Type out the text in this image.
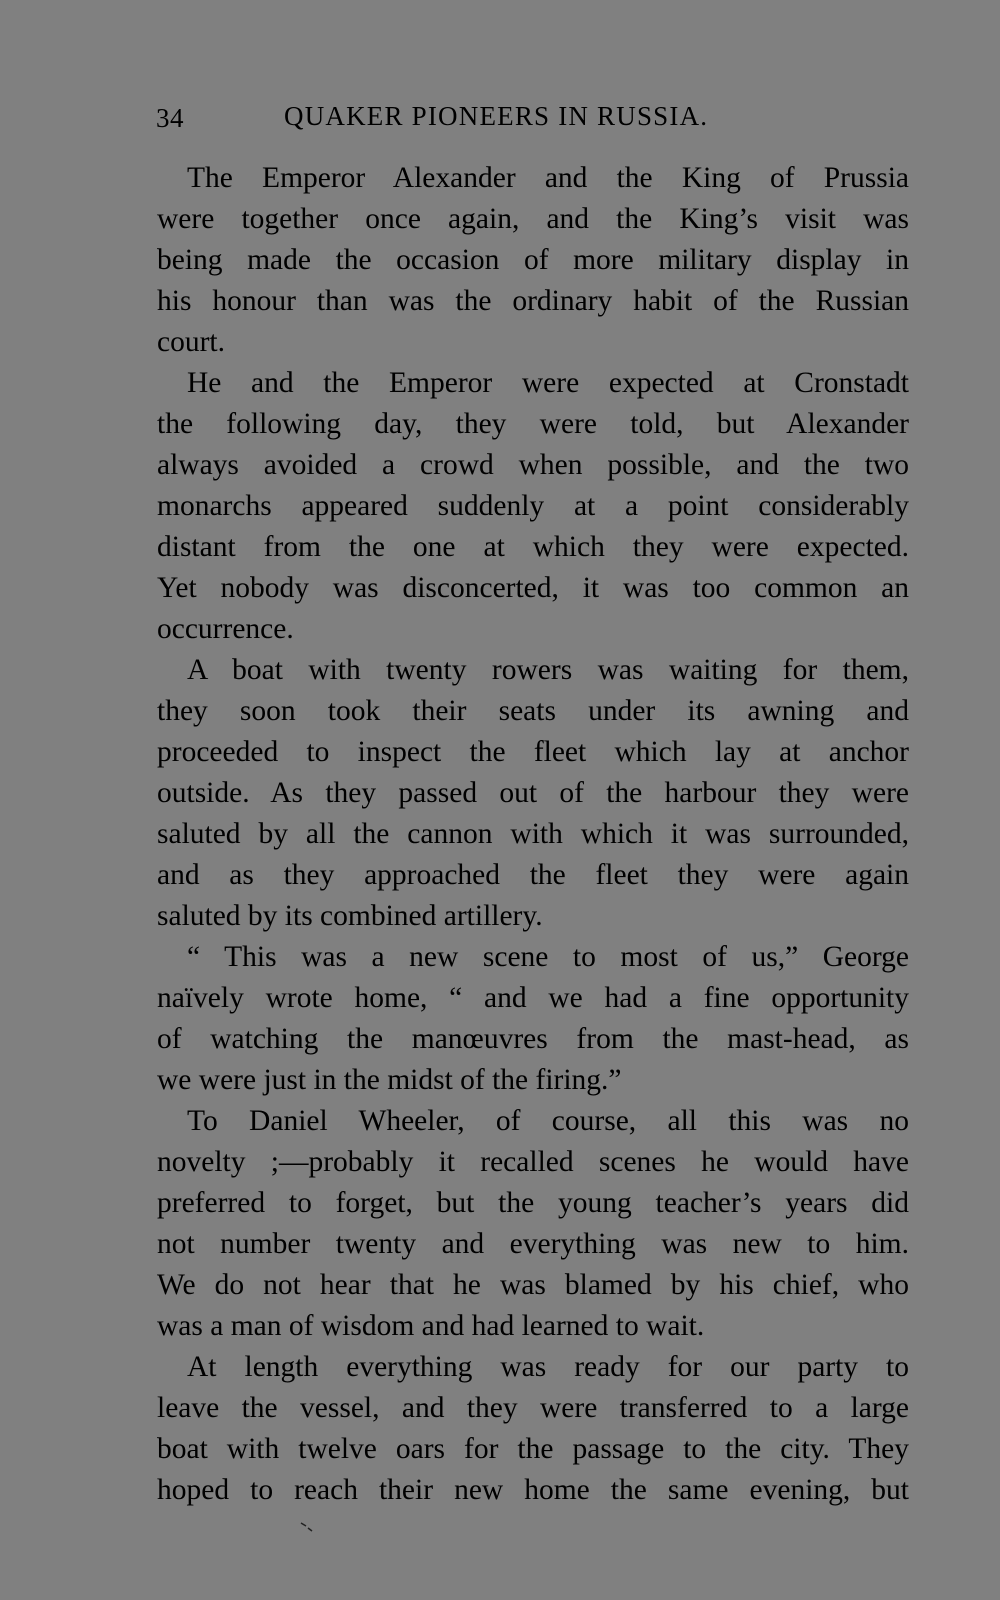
34	QUAKER PIONEERS IN RUSSIA.
The Emperor Alexander and the King of Prussia
were together once again, and the King’s visit was
being made the occasion of more military display in
his honour than was the ordinary habit of the Russian
court.
He and the Emperor were expected at Cronstadt
the following day, they were told, but Alexander
always avoided a crowd when possible, and the two
monarchs appeared suddenly at a point considerably
distant from the one at which they were expected.
Yet nobody was disconcerted, it was too common an
occurrence.
A boat with twenty rowers was waiting for them,
they soon took their seats under its awning and
proceeded to inspect the fleet which lay at anchor
outside. As they passed out of the harbour they were
saluted by all the cannon with which it was surrounded,
and as they approached the fleet they were again
saluted by its combined artillery.
“ This was a new scene to most of us,” George
naïvely wrote home, “ and we had a fine opportunity
of watching the manœuvres from the mast-head, as
we were just in the midst of the firing.”
To Daniel Wheeler, of course, all this was no
novelty ;—probably it recalled scenes he would have
preferred to forget, but the young teacher’s years did
not number twenty and everything was new to him.
We do not hear that he was blamed by his chief, who
was a man of wisdom and had learned to wait.
At length everything was ready for our party to
leave the vessel, and they were transferred to a large
boat with twelve oars for the passage to the city. They
hoped to reach their new home the same evening, but
